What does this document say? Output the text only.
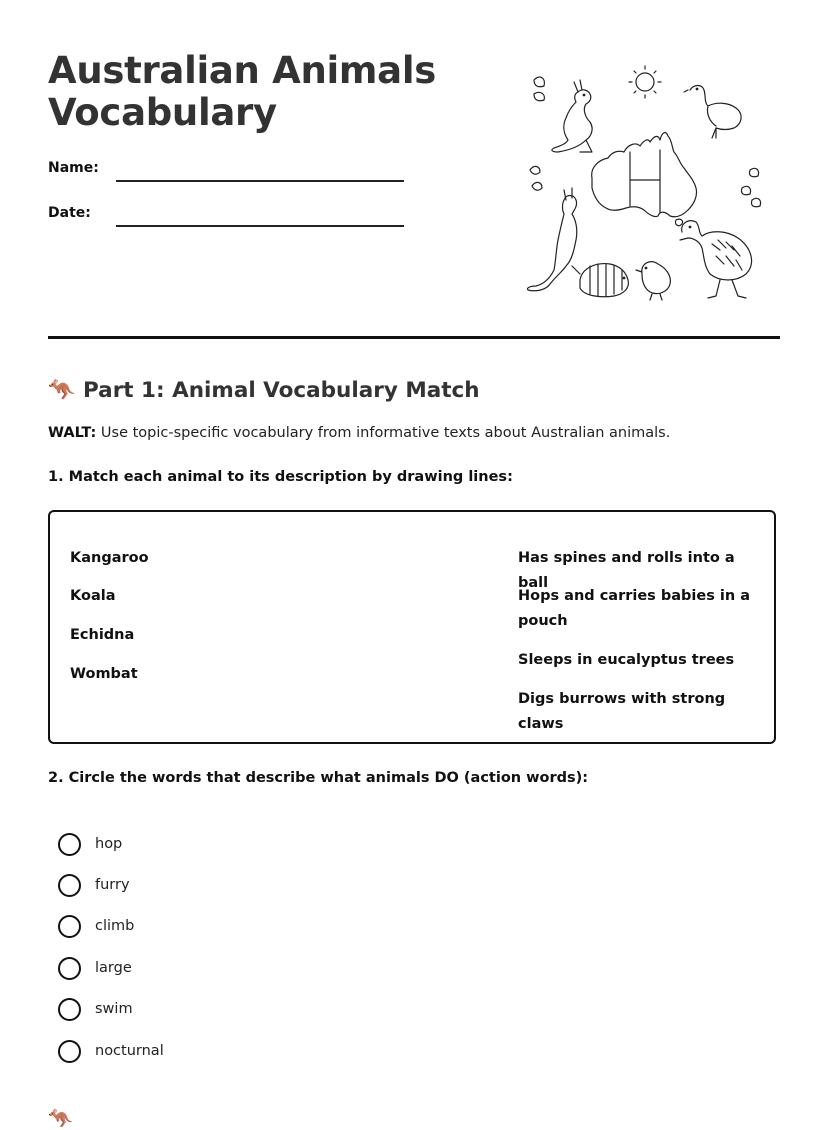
Australian Animals
Vocabulary
Name:
Date:
🦘 Part 1: Animal Vocabulary Match
WALT: Use topic-specific vocabulary from informative texts about Australian animals.
1. Match each animal to its description by drawing lines:
Kangaroo
Koala
Echidna
Wombat
Has spines and rolls into a ball
Hops and carries babies in a pouch
Sleeps in eucalyptus trees
Digs burrows with strong claws
2. Circle the words that describe what animals DO (action words):
hop
furry
climb
large
swim
nocturnal
🦘
